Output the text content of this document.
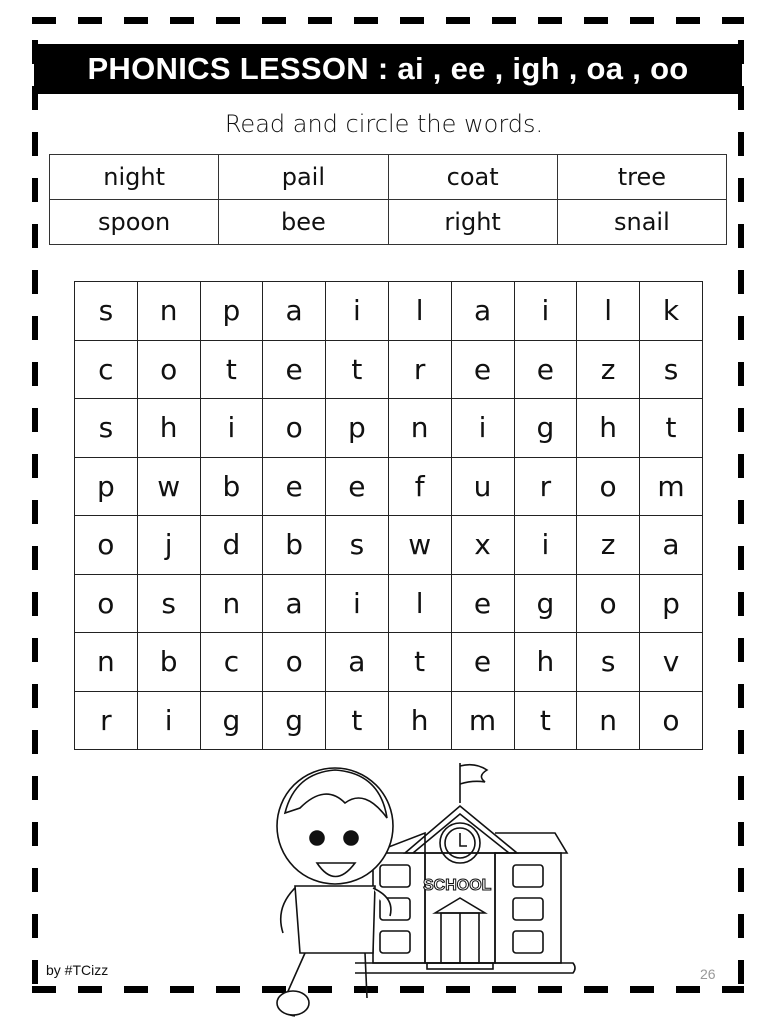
PHONICS LESSON : ai , ee , igh , oa , oo
Read and circle the words.
night	pail	coat	tree
spoon	bee	right	snail
s	n	p	a	i	l	a	i	l	k
c	o	t	e	t	r	e	e	z	s
s	h	i	o	p	n	i	g	h	t
p	w	b	e	e	f	u	r	o	m
o	j	d	b	s	w	x	i	z	a
o	s	n	a	i	l	e	g	o	p
n	b	c	o	a	t	e	h	s	v
r	i	g	g	t	h	m	t	n	o
SCHOOL
by #TCizz	26
